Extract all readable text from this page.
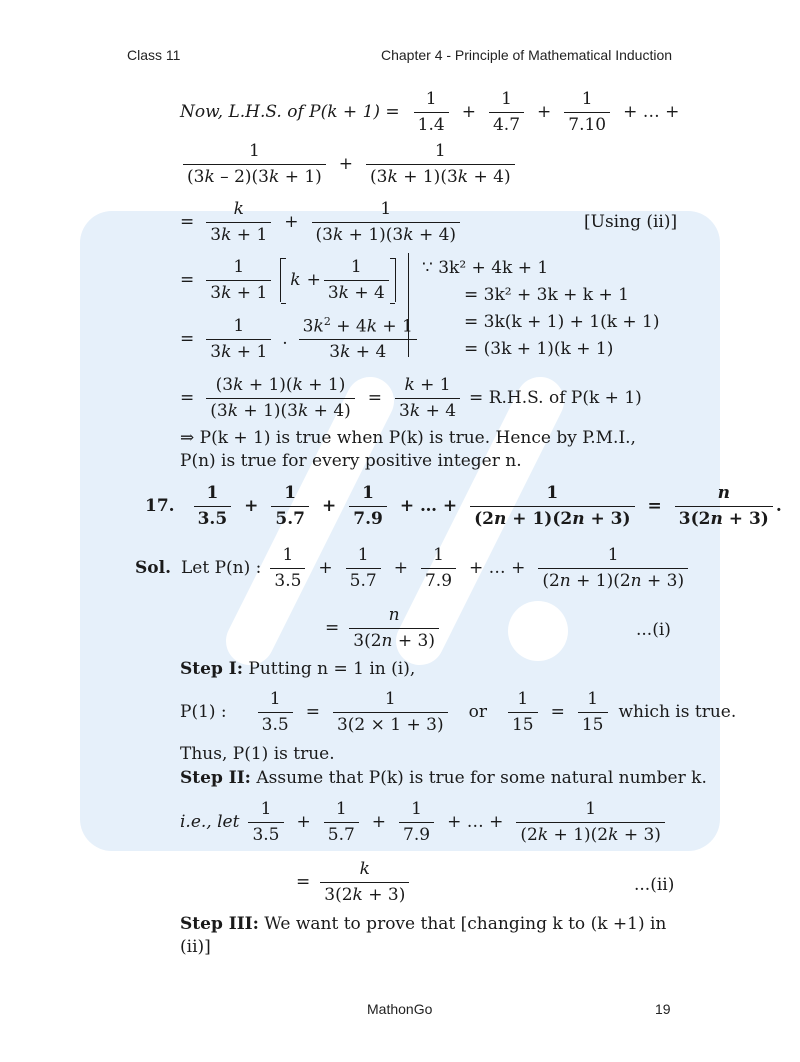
Class 11	Chapter 4 - Principle of Mathematical Induction
Now, L.H.S. of $P(k + 1) = \frac{1}{1.4} + \frac{1}{4.7} + \frac{1}{7.10}$ + … +
$\frac{1}{(3k - 2)(3k + 1)} + \frac{1}{(3k + 1)(3k + 4)}$
= $\frac{k}{3k + 1} + \frac{1}{(3k + 1)(3k + 4)}$	[Using (ii)]
= $\frac{1}{3k + 1}$ $k + \frac{1}{3k + 4}$
= $\frac{1}{3k + 1}$ . $\frac{3k^2 + 4k + 1}{3k + 4}$
∵ 3k² + 4k + 1
= 3k² + 3k + k + 1
= 3k(k + 1) + 1(k + 1)
= (3k + 1)(k + 1)
= $\frac{(3k + 1)(k + 1)}{(3k + 1)(3k + 4)} = \frac{k + 1}{3k + 4} = R.H.S$. of P(k + 1)
⇒ P(k + 1) is true when P(k) is true. Hence by P.M.I.,
P(n) is true for every positive integer n.
17. $\frac{1}{3.5} + \frac{1}{5.7} + \frac{1}{7.9}$ + … + $\frac{1}{(2n + 1)(2n + 3)} = \frac{n}{3(2n + 3)}$ .
Sol. Let P(n) : $\frac{1}{3.5} + \frac{1}{5.7} + \frac{1}{7.9}$ + … + $\frac{1}{(2n + 1)(2n + 3)}$
= $\frac{n}{3(2n + 3)}$	...(i)
Step I: Putting n = 1 in (i),
P(1) : $\frac{1}{3.5} = \frac{1}{3(2 \times 1 + 3)}$ or $\frac{1}{15} = \frac{1}{15}$ which is true.
Thus, P(1) is true.
Step II: Assume that P(k) is true for some natural number k.
i.e., let $\frac{1}{3.5} + \frac{1}{5.7} + \frac{1}{7.9}$ + … + $\frac{1}{(2k + 1)(2k + 3)}$
= $\frac{k}{3(2k + 3)}$	...(ii)
Step III: We want to prove that [changing k to (k +1) in
(ii)]
MathonGo	19
